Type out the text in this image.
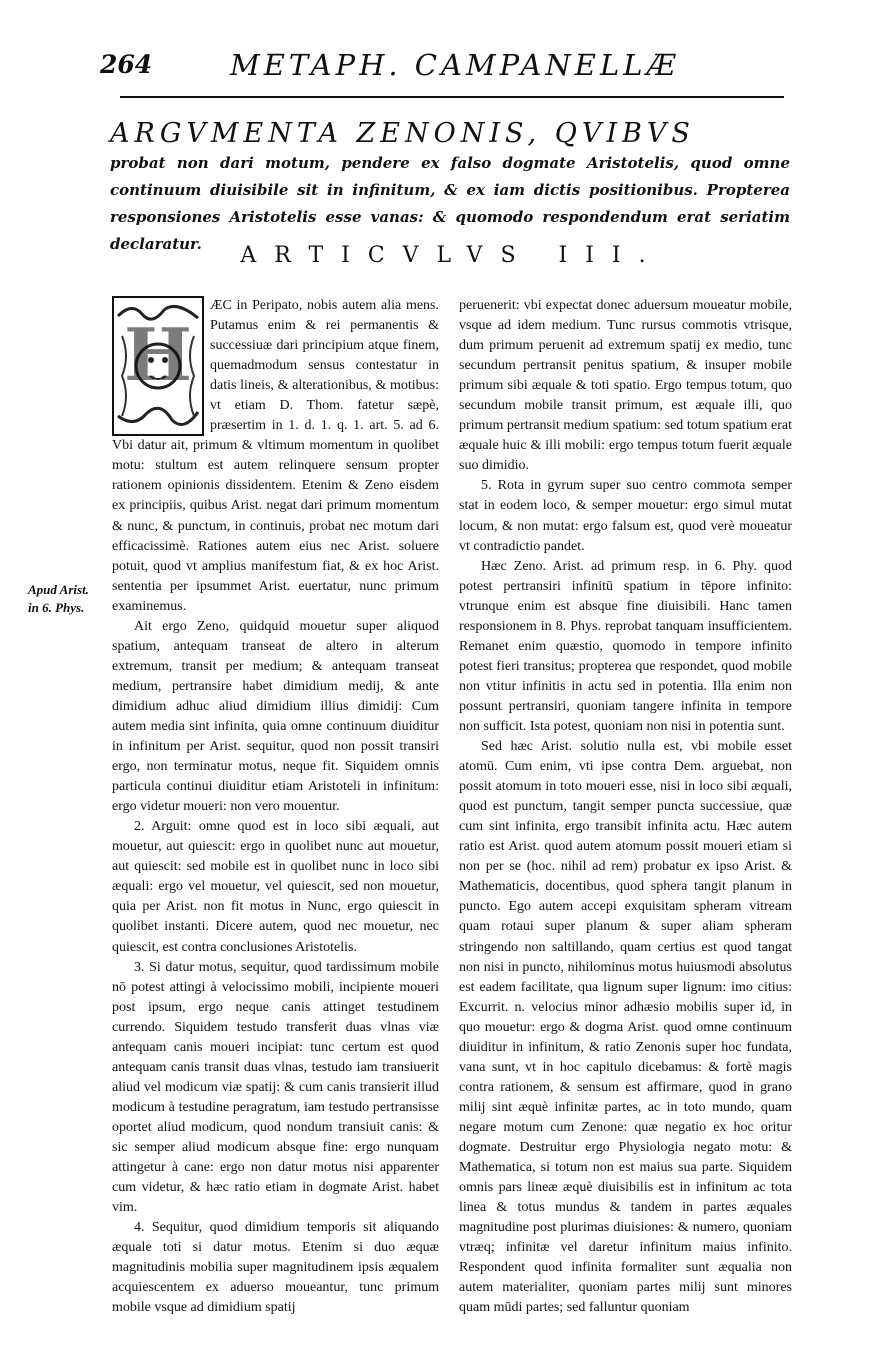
264	METAPH. CAMPANELLÆ

ARGVMENTA ZENONIS, QVIBVS

probat non dari motum, pendere ex falso dogmate Aristotelis, quod omne continuum diuisibile sit in infinitum, & ex iam dictis positionibus. Propterea responsiones Aristotelis esse vanas: & quomodo respondendum erat seriatim declaratur.	ARTICVLVS III.
Apud Arist. in 6. Phys.
H

ÆC in Peripato, nobis autem alia mens. Putamus enim & rei permanentis & successiuæ dari principium atque finem, quemadmodum sensus contestatur in datis lineis, & alterationibus, & motibus: vt etiam D. Thom. fatetur sæpè, præsertim in 1. d. 1. q. 1. art. 5. ad 6. Vbi datur ait, primum & vltimum momentum in quolibet motu: stultum est autem relinquere sensum propter rationem opinionis dissidentem. Etenim & Zeno eisdem ex principiis, quibus Arist. negat dari primum momentum & nunc, & punctum, in continuis, probat nec motum dari efficacissimè. Rationes autem eius nec Arist. soluere potuit, quod vt amplius manifestum fiat, & ex hoc Arist. sententia per ipsummet Arist. euertatur, nunc primum examinemus.

Ait ergo Zeno, quidquid mouetur super aliquod spatium, antequam transeat de altero in alterum extremum, transit per medium; & antequam transeat medium, pertransire habet dimidium medij, & ante dimidium adhuc aliud dimidium illius dimidij: Cum autem media sint infinita, quia omne continuum diuiditur in infinitum per Arist. sequitur, quod non possit transiri ergo, non terminatur motus, neque fit. Siquidem omnis particula continui diuiditur etiam Aristoteli in infinitum: ergo videtur moueri: non vero mouentur.

2. Arguit: omne quod est in loco sibi æquali, aut mouetur, aut quiescit: ergo in quolibet nunc aut mouetur, aut quiescit: sed mobile est in quolibet nunc in loco sibi æquali: ergo vel mouetur, vel quiescit, sed non mouetur, quia per Arist. non fit motus in Nunc, ergo quiescit in quolibet instanti. Dicere autem, quod nec mouetur, nec quiescit, est contra conclusiones Aristotelis.

3. Si datur motus, sequitur, quod tardissimum mobile nō potest attingi à velocissimo mobili, incipiente moueri post ipsum, ergo neque canis attinget testudinem currendo. Siquidem testudo transferit duas vlnas viæ antequam canis moueri incipiat: tunc certum est quod antequam canis transit duas vlnas, testudo iam transiuerit aliud vel modicum viæ spatij: & cum canis transierit illud modicum à testudine peragratum, iam testudo pertransisse oportet aliud modicum, quod nondum transiuit canis: & sic semper aliud modicum absque fine: ergo nunquam attingetur à cane: ergo non datur motus nisi apparenter cum videtur, & hæc ratio etiam in dogmate Arist. habet vim.

4. Sequitur, quod dimidium temporis sit aliquando æquale toti si datur motus. Etenim si duo æquæ magnitudinis mobilia super magnitudinem ipsis æqualem acquiescentem ex aduerso moueantur, tunc primum mobile vsque ad dimidium spatij

peruenerit: vbi expectat donec aduersum moueatur mobile, vsque ad idem medium. Tunc rursus commotis vtrisque, dum primum peruenit ad extremum spatij ex medio, tunc secundum pertransit penitus spatium, & insuper mobile primum sibi æquale & toti spatio. Ergo tempus totum, quo secundum mobile transit primum, est æquale illi, quo primum pertransit medium spatium: sed totum spatium erat æquale huic & illi mobili: ergo tempus totum fuerit æquale suo dimidio.

5. Rota in gyrum super suo centro commota semper stat in eodem loco, & semper mouetur: ergo simul mutat locum, & non mutat: ergo falsum est, quod verè moueatur vt contradictio pandet.

Hæc Zeno. Arist. ad primum resp. in 6. Phy. quod potest pertransiri infinitū spatium in tēpore infinito: vtrunque enim est absque fine diuisibili. Hanc tamen responsionem in 8. Phys. reprobat tanquam insufficientem. Remanet enim quæstio, quomodo in tempore infinito potest fieri transitus; propterea que respondet, quod mobile non vtitur infinitis in actu sed in potentia. Illa enim non possunt pertransiri, quoniam tangere infinita in tempore non sufficit. Ista potest, quoniam non nisi in potentia sunt.

Sed hæc Arist. solutio nulla est, vbi mobile esset atomū. Cum enim, vti ipse contra Dem. arguebat, non possit atomum in toto moueri esse, nisi in loco sibi æquali, quod est punctum, tangit semper puncta successiue, quæ cum sint infinita, ergo transibit infinita actu. Hæc autem ratio est Arist. quod autem atomum possit moueri etiam si non per se (hoc. nihil ad rem) probatur ex ipso Arist. & Mathematicis, docentibus, quod sphera tangit planum in puncto. Ego autem accepi exquisitam spheram vitream quam rotaui super planum & super aliam spheram stringendo non saltillando, quam certius est quod tangat non nisi in puncto, nihilominus motus huiusmodi absolutus est eadem facilitate, qua lignum super lignum: imo citius: Excurrit. n. velocius minor adhæsio mobilis super id, in quo mouetur: ergo & dogma Arist. quod omne continuum diuiditur in infinitum, & ratio Zenonis super hoc fundata, vana sunt, vt in hoc capitulo dicebamus: & fortè magis contra rationem, & sensum est affirmare, quod in grano milij sint æquè infinitæ partes, ac in toto mundo, quam negare motum cum Zenone: quæ negatio ex hoc oritur dogmate. Destruitur ergo Physiologia negato motu: & Mathematica, si totum non est maius sua parte. Siquidem omnis pars lineæ æquè diuisibilis est in infinitum ac tota linea & totus mundus & tandem in partes æquales magnitudine post plurimas diuisiones: & numero, quoniam vtræq; infinitæ vel daretur infinitum maius infinito. Respondent quod infinita formaliter sunt æqualia non autem materialiter, quoniam partes milij sunt minores quam mūdi partes; sed falluntur quoniam
